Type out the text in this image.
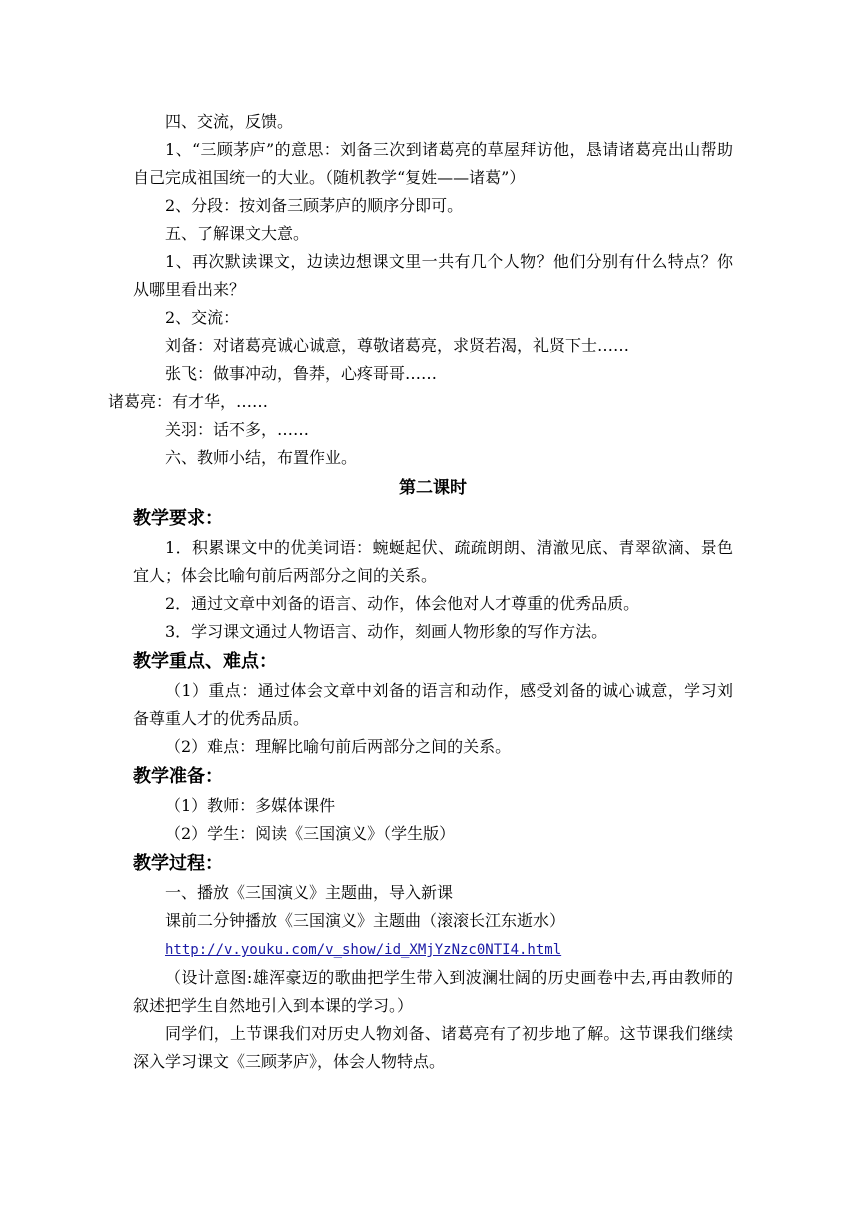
四、交流，反馈。

1、“三顾茅庐”的意思：刘备三次到诸葛亮的草屋拜访他，恳请诸葛亮出山帮助自己完成祖国统一的大业。（随机教学“复姓——诸葛”）

2、分段：按刘备三顾茅庐的顺序分即可。

五、了解课文大意。

1、再次默读课文，边读边想课文里一共有几个人物？他们分别有什么特点？你从哪里看出来？

2、交流：

刘备：对诸葛亮诚心诚意，尊敬诸葛亮，求贤若渴，礼贤下士……

张飞：做事冲动，鲁莽，心疼哥哥……

诸葛亮：有才华，……

关羽：话不多，……

六、教师小结，布置作业。

第二课时

教学要求：

1．积累课文中的优美词语：蜿蜒起伏、疏疏朗朗、清澈见底、青翠欲滴、景色宜人；体会比喻句前后两部分之间的关系。

2．通过文章中刘备的语言、动作，体会他对人才尊重的优秀品质。

3．学习课文通过人物语言、动作，刻画人物形象的写作方法。

教学重点、难点：

（1）重点：通过体会文章中刘备的语言和动作，感受刘备的诚心诚意，学习刘备尊重人才的优秀品质。

（2）难点：理解比喻句前后两部分之间的关系。

教学准备：

（1）教师：多媒体课件

（2）学生：阅读《三国演义》（学生版）

教学过程：

一、播放《三国演义》主题曲，导入新课

课前二分钟播放《三国演义》主题曲（滚滚长江东逝水）

http://v.youku.com/v_show/id_XMjYzNzc0NTI4.html

（设计意图:雄浑豪迈的歌曲把学生带入到波澜壮阔的历史画卷中去,再由教师的叙述把学生自然地引入到本课的学习。）

同学们，上节课我们对历史人物刘备、诸葛亮有了初步地了解。这节课我们继续深入学习课文《三顾茅庐》，体会人物特点。
